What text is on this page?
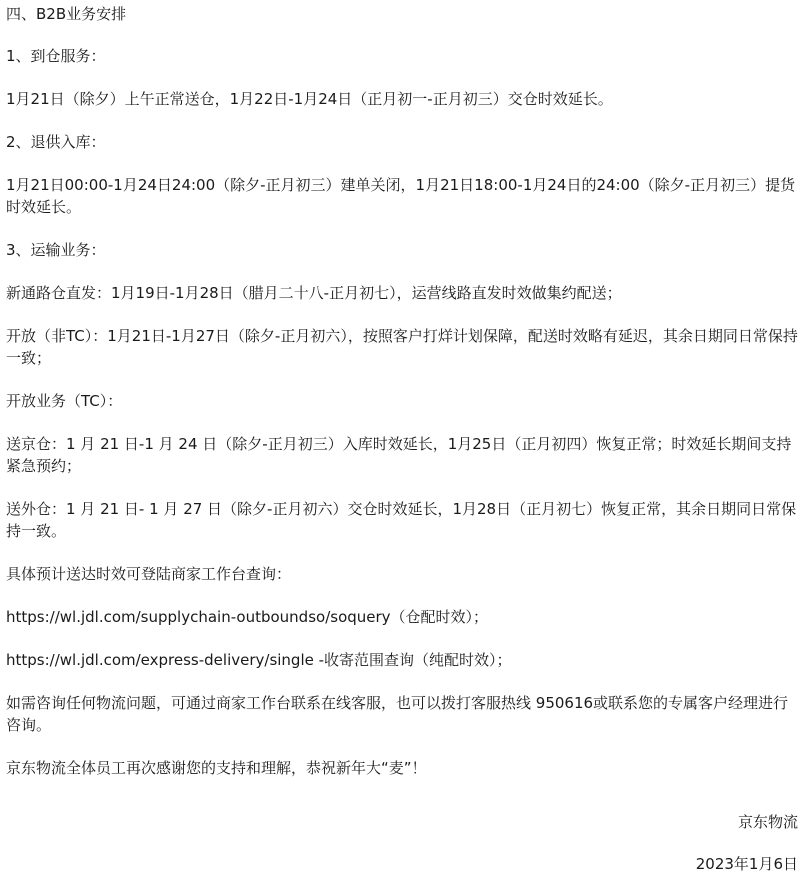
四、B2B业务安排

1、到仓服务：

1月21日（除夕）上午正常送仓，1月22日-1月24日（正月初一-正月初三）交仓时效延长。

2、退供入库：

1月21日00:00-1月24日24:00（除夕-正月初三）建单关闭，1月21日18:00-1月24日的24:00（除夕-正月初三）提货时效延长。

3、运输业务：

新通路仓直发：1月19日-1月28日（腊月二十八-正月初七），运营线路直发时效做集约配送；

开放（非TC）：1月21日-1月27日（除夕-正月初六），按照客户打烊计划保障，配送时效略有延迟，其余日期同日常保持一致；

开放业务（TC）：

送京仓：1 月 21 日-1 月 24 日（除夕-正月初三）入库时效延长，1月25日（正月初四）恢复正常；时效延长期间支持紧急预约；

送外仓：1 月 21 日- 1 月 27 日（除夕-正月初六）交仓时效延长，1月28日（正月初七）恢复正常，其余日期同日常保持一致。

具体预计送达时效可登陆商家工作台查询：

https://wl.jdl.com/supplychain-outboundso/soquery（仓配时效）；

https://wl.jdl.com/express-delivery/single -收寄范围查询（纯配时效）；

如需咨询任何物流问题，可通过商家工作台联系在线客服，也可以拨打客服热线 950616或联系您的专属客户经理进行咨询。

京东物流全体员工再次感谢您的支持和理解，恭祝新年大“麦”！

京东物流
2023年1月6日
